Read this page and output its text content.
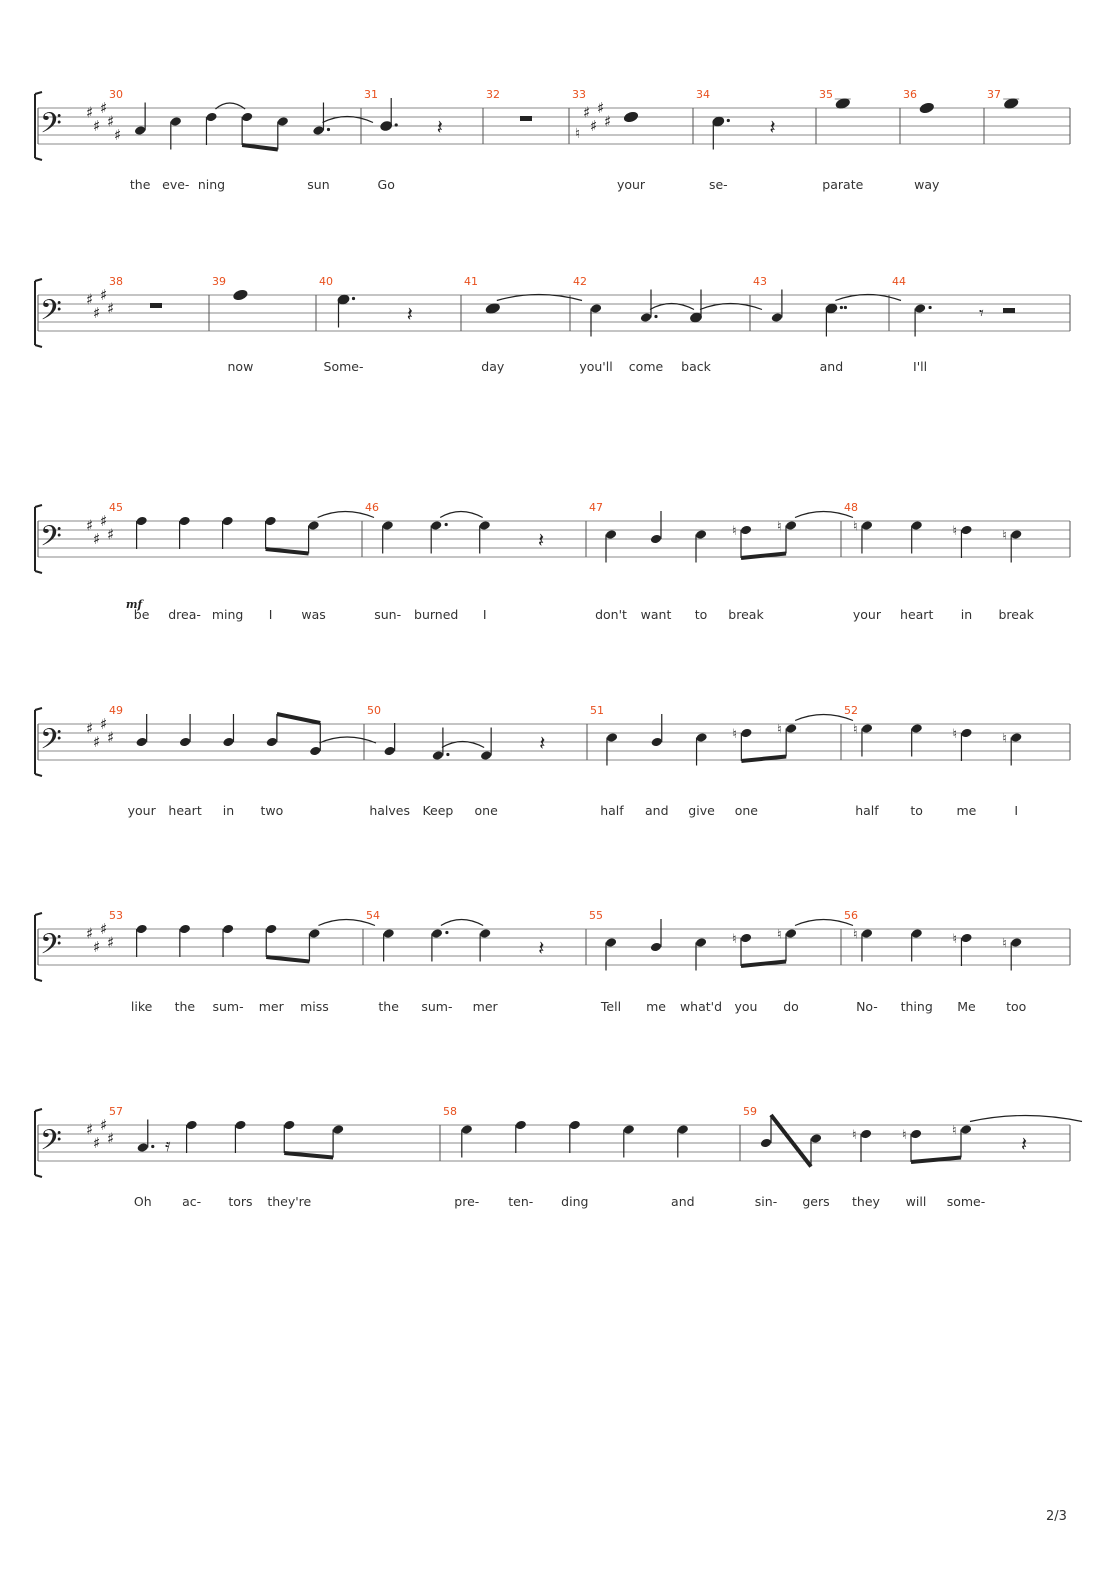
𝄢 ♯
♯
♯
♯
♯
30
the eve- ning	sun
31
Go
𝄽
32	33
♮
♯
♯
♯
♯
your
34
se-
𝄽
35
parate
36
way
37
𝄢 ♯
♯
♯
♯
38	39
now
40
Some-
𝄽
41
day
42
you'll come back
43
and
44
I'll
𝄾
𝄢 ♯
♯
♯
♯
mf
45
be drea- ming I was
46
sun- burned I
𝄽
47
don't want to
♮
break
♮
48
♮
your heart
♮
in
♮
break
𝄢 ♯
♯
♯
♯
49
your heart in two
50
halves Keep one
𝄽
51
half and give
♮
one
♮
52
♮
half	to
♮
me
♮
I
𝄢 ♯
♯
♯
♯
53
like the sum- mer miss
54
the sum- mer
𝄽
55
Tell me what'd
♮
you
♮
do
56
♮
No- thing
♮
Me
♮
too
𝄢 ♯
♯
♯
♯
57
Oh ac- tors they're
𝄿
58
pre- ten- ding	and
59
sin- gers
♮
they
♮
will
♮
some-
𝄽
2/3
